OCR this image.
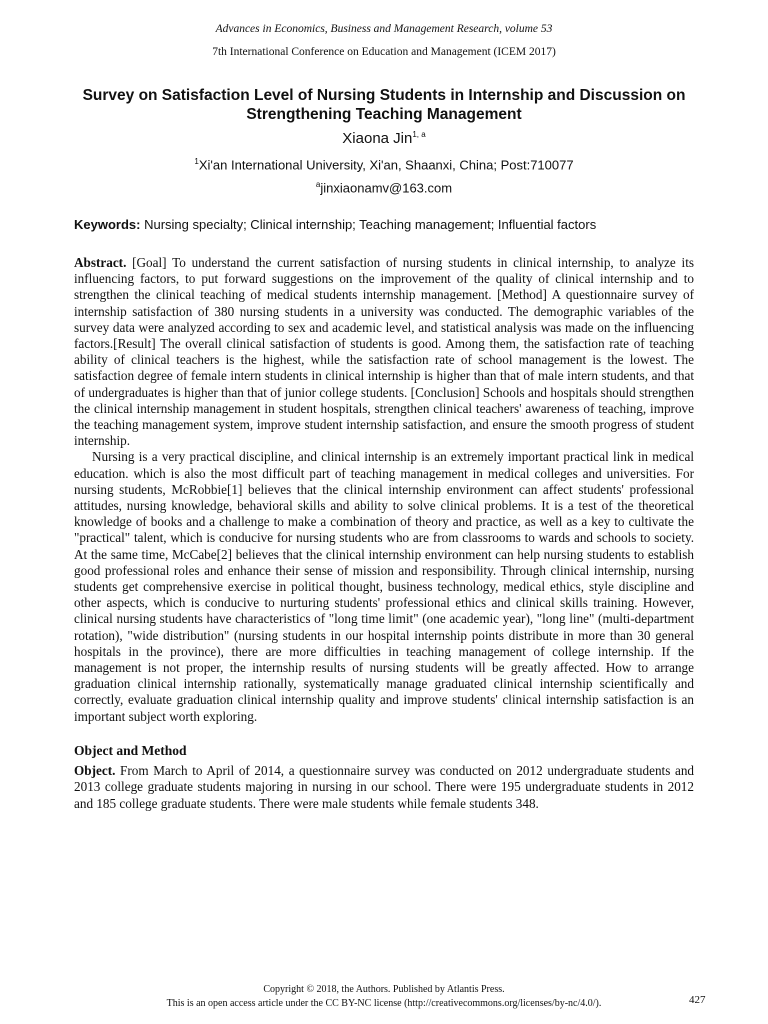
Advances in Economics, Business and Management Research, volume 53
7th International Conference on Education and Management (ICEM 2017)
Survey on Satisfaction Level of Nursing Students in Internship and Discussion on Strengthening Teaching Management
Xiaona Jin$^{1, a}$
$^1$Xi'an International University, Xi'an, Shaanxi, China; Post:710077
$^a$jinxiaonamv@163.com
Keywords: Nursing specialty; Clinical internship; Teaching management; Influential factors

Abstract. [Goal] To understand the current satisfaction of nursing students in clinical internship, to analyze its influencing factors, to put forward suggestions on the improvement of the quality of clinical internship and to strengthen the clinical teaching of medical students internship management. [Method] A questionnaire survey of internship satisfaction of 380 nursing students in a university was conducted. The demographic variables of the survey data were analyzed according to sex and academic level, and statistical analysis was made on the influencing factors.[Result] The overall clinical satisfaction of students is good. Among them, the satisfaction rate of teaching ability of clinical teachers is the highest, while the satisfaction rate of school management is the lowest. The satisfaction degree of female intern students in clinical internship is higher than that of male intern students, and that of undergraduates is higher than that of junior college students. [Conclusion] Schools and hospitals should strengthen the clinical internship management in student hospitals, strengthen clinical teachers' awareness of teaching, improve the teaching management system, improve student internship satisfaction, and ensure the smooth progress of student internship.

Nursing is a very practical discipline, and clinical internship is an extremely important practical link in medical education. which is also the most difficult part of teaching management in medical colleges and universities. For nursing students, McRobbie[1] believes that the clinical internship environment can affect students' professional attitudes, nursing knowledge, behavioral skills and ability to solve clinical problems. It is a test of the theoretical knowledge of books and a challenge to make a combination of theory and practice, as well as a key to cultivate the "practical" talent, which is conducive for nursing students who are from classrooms to wards and schools to society. At the same time, McCabe[2] believes that the clinical internship environment can help nursing students to establish good professional roles and enhance their sense of mission and responsibility. Through clinical internship, nursing students get comprehensive exercise in political thought, business technology, medical ethics, style discipline and other aspects, which is conducive to nurturing students' professional ethics and clinical skills training. However, clinical nursing students have characteristics of "long time limit" (one academic year), "long line" (multi-department rotation), "wide distribution" (nursing students in our hospital internship points distribute in more than 30 general hospitals in the province), there are more difficulties in teaching management of college internship. If the management is not proper, the internship results of nursing students will be greatly affected. How to arrange graduation clinical internship rationally, systematically manage graduated clinical internship scientifically and correctly, evaluate graduation clinical internship quality and improve students' clinical internship satisfaction is an important subject worth exploring.

Object and Method

Object. From March to April of 2014, a questionnaire survey was conducted on 2012 undergraduate students and 2013 college graduate students majoring in nursing in our school. There were 195 undergraduate students in 2012 and 185 college graduate students. There were male students while female students 348.

Copyright © 2018, the Authors. Published by Atlantis Press.
This is an open access article under the CC BY-NC license (http://creativecommons.org/licenses/by-nc/4.0/).	427
